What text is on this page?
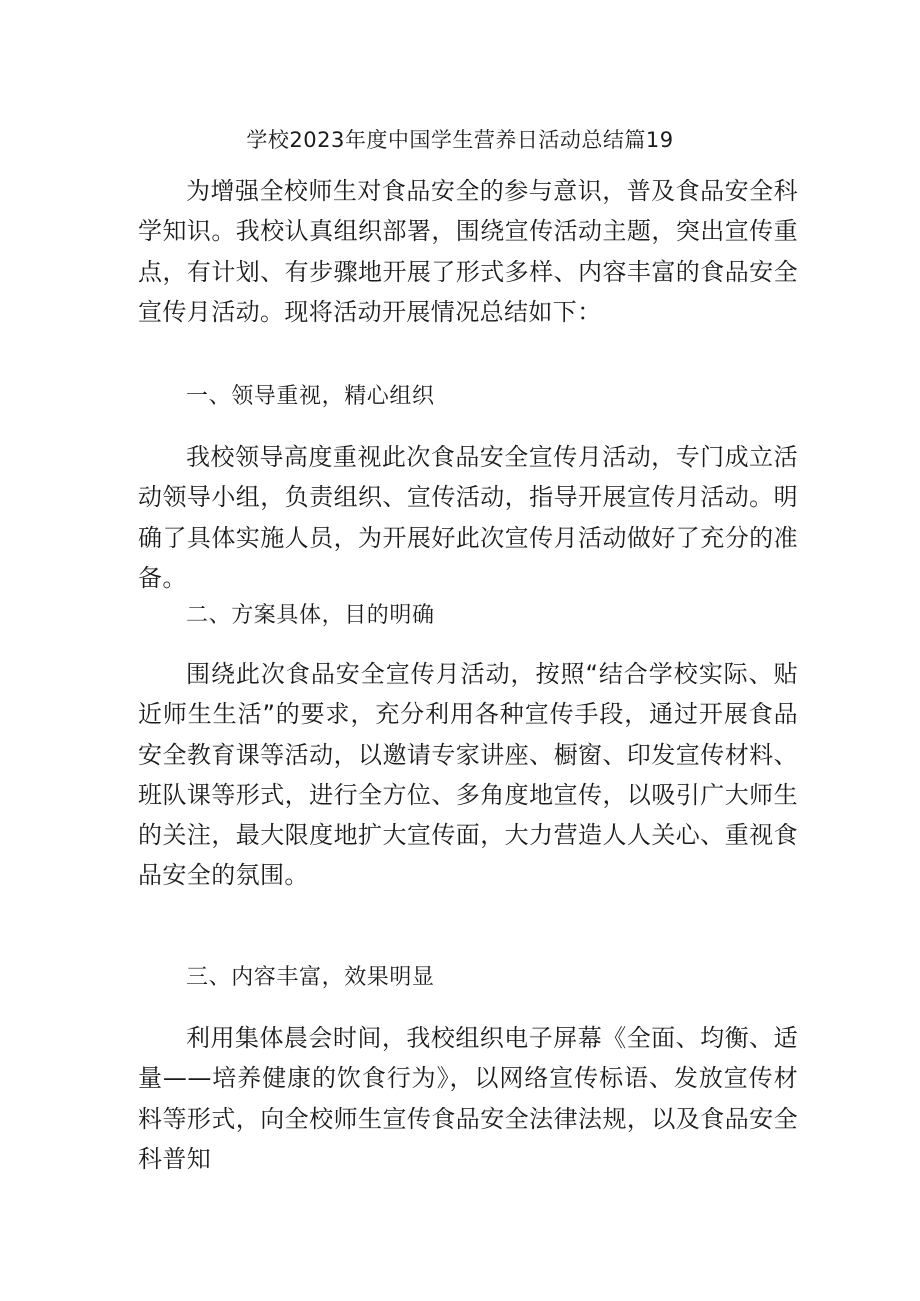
学校2023年度中国学生营养日活动总结篇19

为增强全校师生对食品安全的参与意识，普及食品安全科学知识。我校认真组织部署，围绕宣传活动主题，突出宣传重点，有计划、有步骤地开展了形式多样、内容丰富的食品安全宣传月活动。现将活动开展情况总结如下：

一、领导重视，精心组织

我校领导高度重视此次食品安全宣传月活动，专门成立活动领导小组，负责组织、宣传活动，指导开展宣传月活动。明确了具体实施人员，为开展好此次宣传月活动做好了充分的准备。

二、方案具体，目的明确

围绕此次食品安全宣传月活动，按照“结合学校实际、贴近师生生活”的要求，充分利用各种宣传手段，通过开展食品安全教育课等活动，以邀请专家讲座、橱窗、印发宣传材料、班队课等形式，进行全方位、多角度地宣传，以吸引广大师生的关注，最大限度地扩大宣传面，大力营造人人关心、重视食品安全的氛围。

三、内容丰富，效果明显

利用集体晨会时间，我校组织电子屏幕《全面、均衡、适量——培养健康的饮食行为》，以网络宣传标语、发放宣传材料等形式，向全校师生宣传食品安全法律法规，以及食品安全科普知
